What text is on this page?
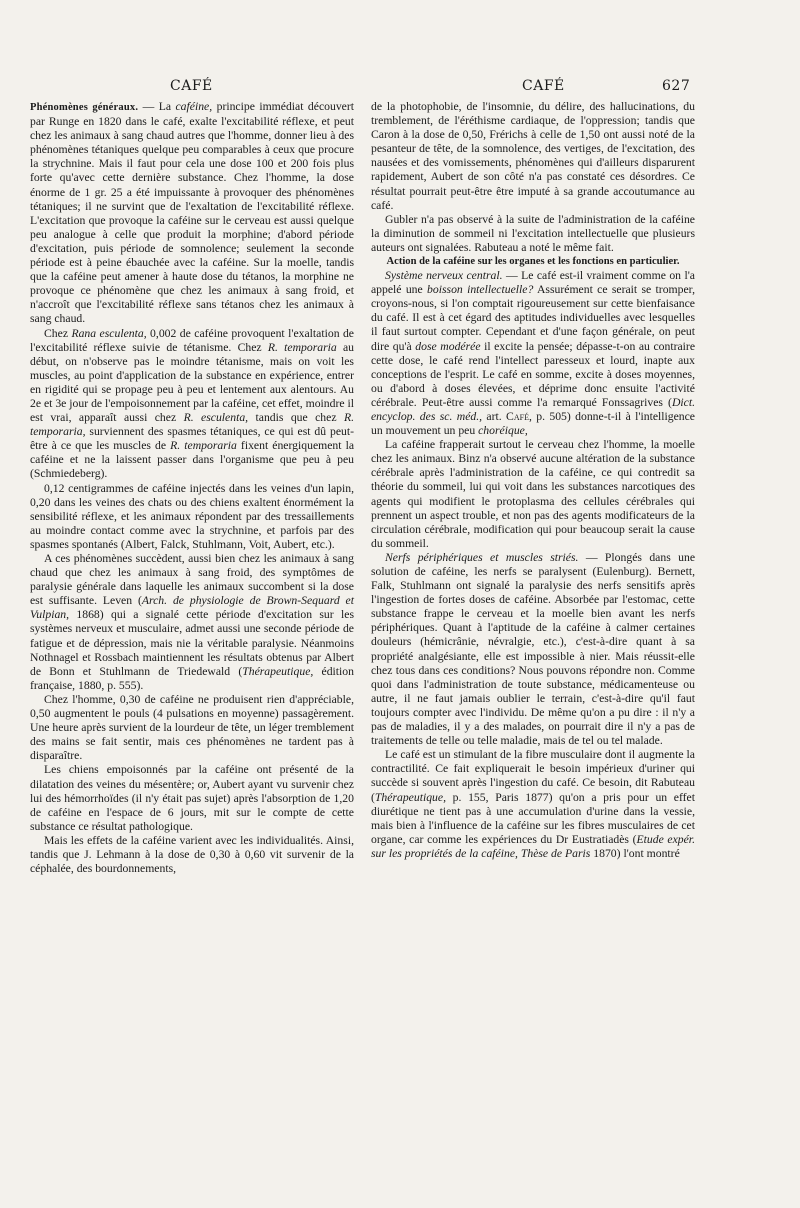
CAFÉ	CAFÉ	627

Phénomènes généraux. — La caféine, principe immédiat découvert par Runge en 1820 dans le café, exalte l'excitabilité réflexe, et peut chez les animaux à sang chaud autres que l'homme, donner lieu à des phénomènes tétaniques quelque peu comparables à ceux que procure la strychnine. Mais il faut pour cela une dose 100 et 200 fois plus forte qu'avec cette dernière substance. Chez l'homme, la dose énorme de 1 gr. 25 a été impuissante à provoquer des phénomènes tétaniques; il ne survint que de l'exaltation de l'excitabilité réflexe. L'excitation que provoque la caféine sur le cerveau est aussi quelque peu analogue à celle que produit la morphine; d'abord période d'excitation, puis période de somnolence; seulement la seconde période est à peine ébauchée avec la caféine. Sur la moelle, tandis que la caféine peut amener à haute dose du tétanos, la morphine ne provoque ce phénomène que chez les animaux à sang froid, et n'accroît que l'excitabilité réflexe sans tétanos chez les animaux à sang chaud.

Chez Rana esculenta, 0,002 de caféine provoquent l'exaltation de l'excitabilité réflexe suivie de tétanisme. Chez R. temporaria au début, on n'observe pas le moindre tétanisme, mais on voit les muscles, au point d'application de la substance en expérience, entrer en rigidité qui se propage peu à peu et lentement aux alentours. Au 2e et 3e jour de l'empoisonnement par la caféine, cet effet, moindre il est vrai, apparaît aussi chez R. esculenta, tandis que chez R. temporaria, surviennent des spasmes tétaniques, ce qui est dû peut-être à ce que les muscles de R. temporaria fixent énergiquement la caféine et ne la laissent passer dans l'organisme que peu à peu (Schmiedeberg).

0,12 centigrammes de caféine injectés dans les veines d'un lapin, 0,20 dans les veines des chats ou des chiens exaltent énormément la sensibilité réflexe, et les animaux répondent par des tressaillements au moindre contact comme avec la strychnine, et parfois par des spasmes spontanés (Albert, Falck, Stuhlmann, Voit, Aubert, etc.).

A ces phénomènes succèdent, aussi bien chez les animaux à sang chaud que chez les animaux à sang froid, des symptômes de paralysie générale dans laquelle les animaux succombent si la dose est suffisante. Leven (Arch. de physiologie de Brown-Sequard et Vulpian, 1868) qui a signalé cette période d'excitation sur les systèmes nerveux et musculaire, admet aussi une seconde période de fatigue et de dépression, mais nie la véritable paralysie. Néanmoins Nothnagel et Rossbach maintiennent les résultats obtenus par Albert de Bonn et Stuhlmann de Triedewald (Thérapeutique, édition française, 1880, p. 555).

Chez l'homme, 0,30 de caféine ne produisent rien d'appréciable, 0,50 augmentent le pouls (4 pulsations en moyenne) passagèrement. Une heure après survient de la lourdeur de tête, un léger tremblement des mains se fait sentir, mais ces phénomènes ne tardent pas à disparaître.

Les chiens empoisonnés par la caféine ont présenté de la dilatation des veines du mésentère; or, Aubert ayant vu survenir chez lui des hémorrhoïdes (il n'y était pas sujet) après l'absorption de 1,20 de caféine en l'espace de 6 jours, mit sur le compte de cette substance ce résultat pathologique.

Mais les effets de la caféine varient avec les individualités. Ainsi, tandis que J. Lehmann à la dose de 0,30 à 0,60 vit survenir de la céphalée, des bourdonnements,

de la photophobie, de l'insomnie, du délire, des hallucinations, du tremblement, de l'éréthisme cardiaque, de l'oppression; tandis que Caron à la dose de 0,50, Frérichs à celle de 1,50 ont aussi noté de la pesanteur de tête, de la somnolence, des vertiges, de l'excitation, des nausées et des vomissements, phénomènes qui d'ailleurs disparurent rapidement, Aubert de son côté n'a pas constaté ces désordres. Ce résultat pourrait peut-être être imputé à sa grande accoutumance au café.

Gubler n'a pas observé à la suite de l'administration de la caféine la diminution de sommeil ni l'excitation intellectuelle que plusieurs auteurs ont signalées. Rabuteau a noté le même fait.

Action de la caféine sur les organes et les fonctions en particulier.

Système nerveux central. — Le café est-il vraiment comme on l'a appelé une boisson intellectuelle? Assurément ce serait se tromper, croyons-nous, si l'on comptait rigoureusement sur cette bienfaisance du café. Il est à cet égard des aptitudes individuelles avec lesquelles il faut surtout compter. Cependant et d'une façon générale, on peut dire qu'à dose modérée il excite la pensée; dépasse-t-on au contraire cette dose, le café rend l'intellect paresseux et lourd, inapte aux conceptions de l'esprit. Le café en somme, excite à doses moyennes, ou d'abord à doses élevées, et déprime donc ensuite l'activité cérébrale. Peut-être aussi comme l'a remarqué Fonssagrives (Dict. encyclop. des sc. méd., art. Café, p. 505) donne-t-il à l'intelligence un mouvement un peu choréique,

La caféine frapperait surtout le cerveau chez l'homme, la moelle chez les animaux. Binz n'a observé aucune altération de la substance cérébrale après l'administration de la caféine, ce qui contredit sa théorie du sommeil, lui qui voit dans les substances narcotiques des agents qui modifient le protoplasma des cellules cérébrales qui prennent un aspect trouble, et non pas des agents modificateurs de la circulation cérébrale, modification qui pour beaucoup serait la cause du sommeil.

Nerfs périphériques et muscles striés. — Plongés dans une solution de caféine, les nerfs se paralysent (Eulenburg). Bernett, Falk, Stuhlmann ont signalé la paralysie des nerfs sensitifs après l'ingestion de fortes doses de caféine. Absorbée par l'estomac, cette substance frappe le cerveau et la moelle bien avant les nerfs périphériques. Quant à l'aptitude de la caféine à calmer certaines douleurs (hémicrânie, névralgie, etc.), c'est-à-dire quant à sa propriété analgésiante, elle est impossible à nier. Mais réussit-elle chez tous dans ces conditions? Nous pouvons répondre non. Comme quoi dans l'administration de toute substance, médicamenteuse ou autre, il ne faut jamais oublier le terrain, c'est-à-dire qu'il faut toujours compter avec l'individu. De même qu'on a pu dire : il n'y a pas de maladies, il y a des malades, on pourrait dire il n'y a pas de traitements de telle ou telle maladie, mais de tel ou tel malade.

Le café est un stimulant de la fibre musculaire dont il augmente la contractilité. Ce fait expliquerait le besoin impérieux d'uriner qui succède si souvent après l'ingestion du café. Ce besoin, dit Rabuteau (Thérapeutique, p. 155, Paris 1877) qu'on a pris pour un effet diurétique ne tient pas à une accumulation d'urine dans la vessie, mais bien à l'influence de la caféine sur les fibres musculaires de cet organe, car comme les expériences du Dr Eustratiadès (Etude expér. sur les propriétés de la caféine, Thèse de Paris 1870) l'ont montré
